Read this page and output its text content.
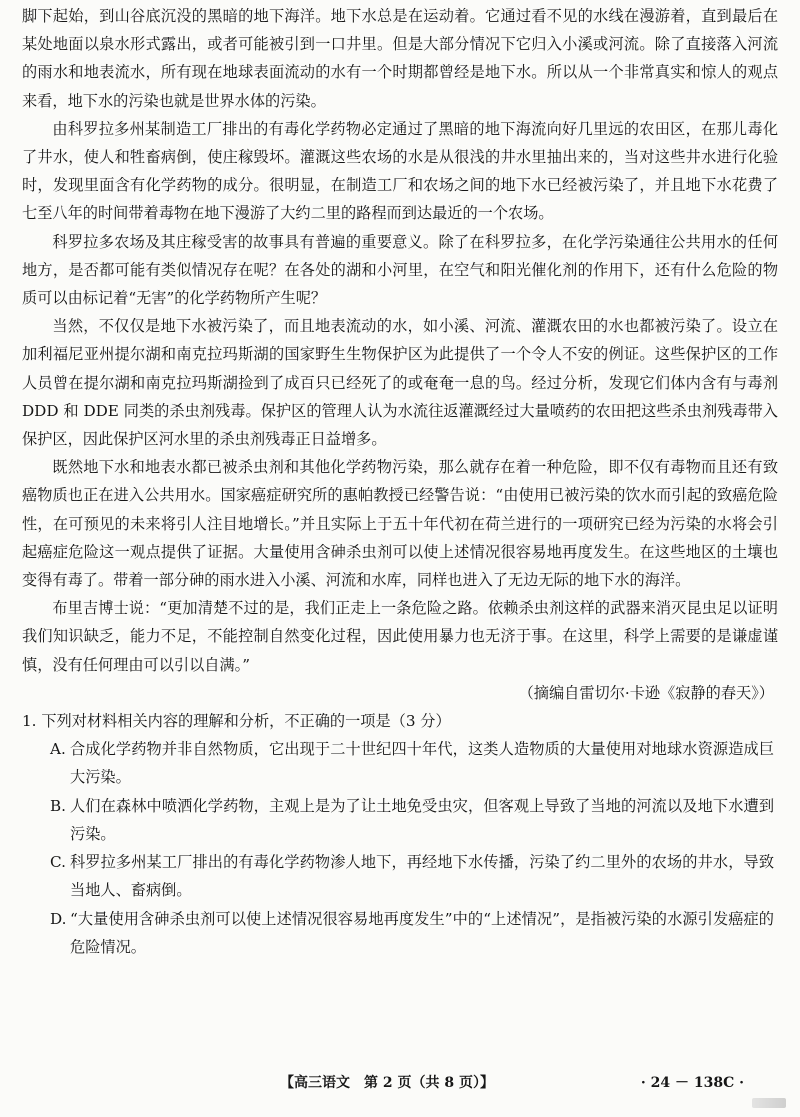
脚下起始，到山谷底沉没的黑暗的地下海洋。地下水总是在运动着。它通过看不见的水线在漫游着，直到最后在某处地面以泉水形式露出，或者可能被引到一口井里。但是大部分情况下它归入小溪或河流。除了直接落入河流的雨水和地表流水，所有现在地球表面流动的水有一个时期都曾经是地下水。所以从一个非常真实和惊人的观点来看，地下水的污染也就是世界水体的污染。

由科罗拉多州某制造工厂排出的有毒化学药物必定通过了黑暗的地下海流向好几里远的农田区，在那儿毒化了井水，使人和牲畜病倒，使庄稼毁坏。灌溉这些农场的水是从很浅的井水里抽出来的，当对这些井水进行化验时，发现里面含有化学药物的成分。很明显，在制造工厂和农场之间的地下水已经被污染了，并且地下水花费了七至八年的时间带着毒物在地下漫游了大约二里的路程而到达最近的一个农场。

科罗拉多农场及其庄稼受害的故事具有普遍的重要意义。除了在科罗拉多，在化学污染通往公共用水的任何地方，是否都可能有类似情况存在呢？在各处的湖和小河里，在空气和阳光催化剂的作用下，还有什么危险的物质可以由标记着“无害”的化学药物所产生呢？

当然，不仅仅是地下水被污染了，而且地表流动的水，如小溪、河流、灌溉农田的水也都被污染了。设立在加利福尼亚州提尔湖和南克拉玛斯湖的国家野生生物保护区为此提供了一个令人不安的例证。这些保护区的工作人员曾在提尔湖和南克拉玛斯湖捡到了成百只已经死了的或奄奄一息的鸟。经过分析，发现它们体内含有与毒剂 DDD 和 DDE 同类的杀虫剂残毒。保护区的管理人认为水流往返灌溉经过大量喷药的农田把这些杀虫剂残毒带入保护区，因此保护区河水里的杀虫剂残毒正日益增多。

既然地下水和地表水都已被杀虫剂和其他化学药物污染，那么就存在着一种危险，即不仅有毒物而且还有致癌物质也正在进入公共用水。国家癌症研究所的惠帕教授已经警告说：“由使用已被污染的饮水而引起的致癌危险性，在可预见的未来将引人注目地增长。”并且实际上于五十年代初在荷兰进行的一项研究已经为污染的水将会引起癌症危险这一观点提供了证据。大量使用含砷杀虫剂可以使上述情况很容易地再度发生。在这些地区的土壤也变得有毒了。带着一部分砷的雨水进入小溪、河流和水库，同样也进入了无边无际的地下水的海洋。

布里吉博士说：“更加清楚不过的是，我们正走上一条危险之路。依赖杀虫剂这样的武器来消灭昆虫足以证明我们知识缺乏，能力不足，不能控制自然变化过程，因此使用暴力也无济于事。在这里，科学上需要的是谦虚谨慎，没有任何理由可以引以自满。”

（摘编自雷切尔·卡逊《寂静的春天》）

1. 下列对材料相关内容的理解和分析，不正确的一项是（3 分）

A. 合成化学药物并非自然物质，它出现于二十世纪四十年代，这类人造物质的大量使用对地球水资源造成巨大污染。
B. 人们在森林中喷洒化学药物，主观上是为了让土地免受虫灾，但客观上导致了当地的河流以及地下水遭到污染。
C. 科罗拉多州某工厂排出的有毒化学药物渗人地下，再经地下水传播，污染了约二里外的农场的井水，导致当地人、畜病倒。
D. “大量使用含砷杀虫剂可以使上述情况很容易地再度发生”中的“上述情况”，是指被污染的水源引发癌症的危险情况。
【高三语文　第 2 页（共 8 页）】	· 24 － 138C ·
